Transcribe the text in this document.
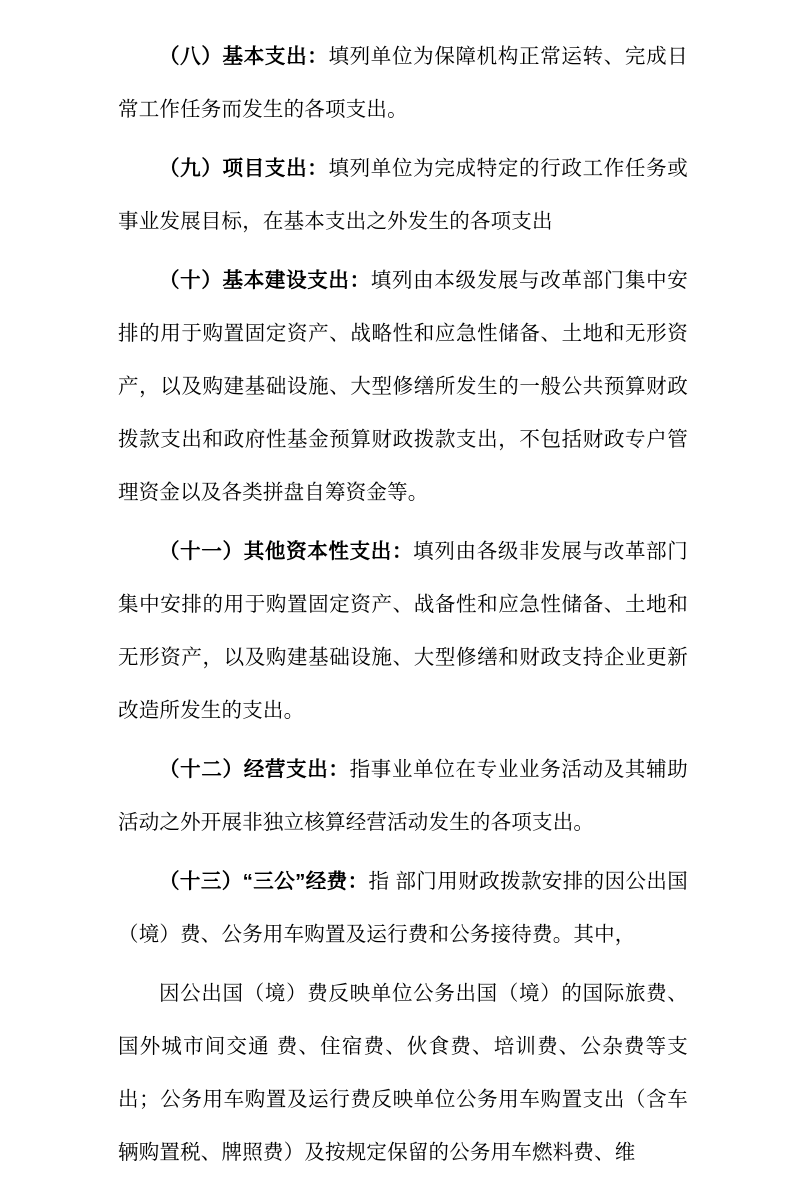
（八）基本支出：填列单位为保障机构正常运转、完成日常工作任务而发生的各项支出。

（九）项目支出：填列单位为完成特定的行政工作任务或事业发展目标，在基本支出之外发生的各项支出

（十）基本建设支出：填列由本级发展与改革部门集中安排的用于购置固定资产、战略性和应急性储备、土地和无形资产，以及购建基础设施、大型修缮所发生的一般公共预算财政拨款支出和政府性基金预算财政拨款支出，不包括财政专户管理资金以及各类拼盘自筹资金等。

（十一）其他资本性支出：填列由各级非发展与改革部门集中安排的用于购置固定资产、战备性和应急性储备、土地和无形资产，以及购建基础设施、大型修缮和财政支持企业更新改造所发生的支出。

（十二）经营支出：指事业单位在专业业务活动及其辅助活动之外开展非独立核算经营活动发生的各项支出。

（十三）“三公”经费：指 部门用财政拨款安排的因公出国（境）费、公务用车购置及运行费和公务接待费。其中，

因公出国（境）费反映单位公务出国（境）的国际旅费、国外城市间交通 费、住宿费、伙食费、培训费、公杂费等支出；公务用车购置及运行费反映单位公务用车购置支出（含车辆购置税、牌照费）及按规定保留的公务用车燃料费、维
